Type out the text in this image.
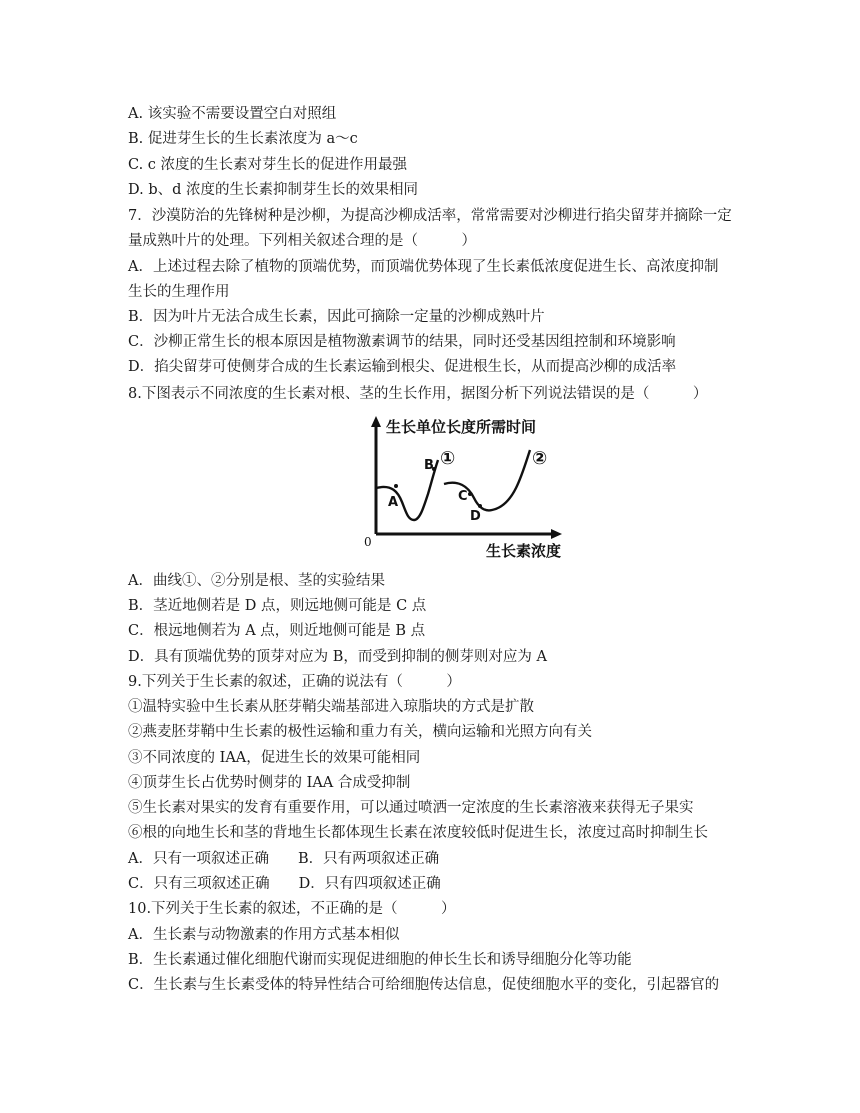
A. 该实验不需要设置空白对照组
B. 促进芽生长的生长素浓度为 a～c
C. c 浓度的生长素对芽生长的促进作用最强
D. b、d 浓度的生长素抑制芽生长的效果相同
7．沙漠防治的先锋树种是沙柳，为提高沙柳成活率，常常需要对沙柳进行掐尖留芽并摘除一定
量成熟叶片的处理。下列相关叙述合理的是（　　　）
A．上述过程去除了植物的顶端优势，而顶端优势体现了生长素低浓度促进生长、高浓度抑制
生长的生理作用
B．因为叶片无法合成生长素，因此可摘除一定量的沙柳成熟叶片
C．沙柳正常生长的根本原因是植物激素调节的结果，同时还受基因组控制和环境影响
D．掐尖留芽可使侧芽合成的生长素运输到根尖、促进根生长，从而提高沙柳的成活率
8.下图表示不同浓度的生长素对根、茎的生长作用，据图分析下列说法错误的是（　　　）
生长单位长度所需时间
生长素浓度
0
A
B
C
D
①	②
A．曲线①、②分别是根、茎的实验结果
B．茎近地侧若是 D 点，则远地侧可能是 C 点
C．根远地侧若为 A 点，则近地侧可能是 B 点
D．具有顶端优势的顶芽对应为 B，而受到抑制的侧芽则对应为 A
9.下列关于生长素的叙述，正确的说法有（　　　）
①温特实验中生长素从胚芽鞘尖端基部进入琼脂块的方式是扩散
②燕麦胚芽鞘中生长素的极性运输和重力有关，横向运输和光照方向有关
③不同浓度的 IAA，促进生长的效果可能相同
④顶芽生长占优势时侧芽的 IAA 合成受抑制
⑤生长素对果实的发育有重要作用，可以通过喷洒一定浓度的生长素溶液来获得无子果实
⑥根的向地生长和茎的背地生长都体现生长素在浓度较低时促进生长，浓度过高时抑制生长
A．只有一项叙述正确　　B．只有两项叙述正确
C．只有三项叙述正确　　D．只有四项叙述正确
10.下列关于生长素的叙述，不正确的是（　　　）
A．生长素与动物激素的作用方式基本相似
B．生长素通过催化细胞代谢而实现促进细胞的伸长生长和诱导细胞分化等功能
C．生长素与生长素受体的特异性结合可给细胞传达信息，促使细胞水平的变化，引起器官的
